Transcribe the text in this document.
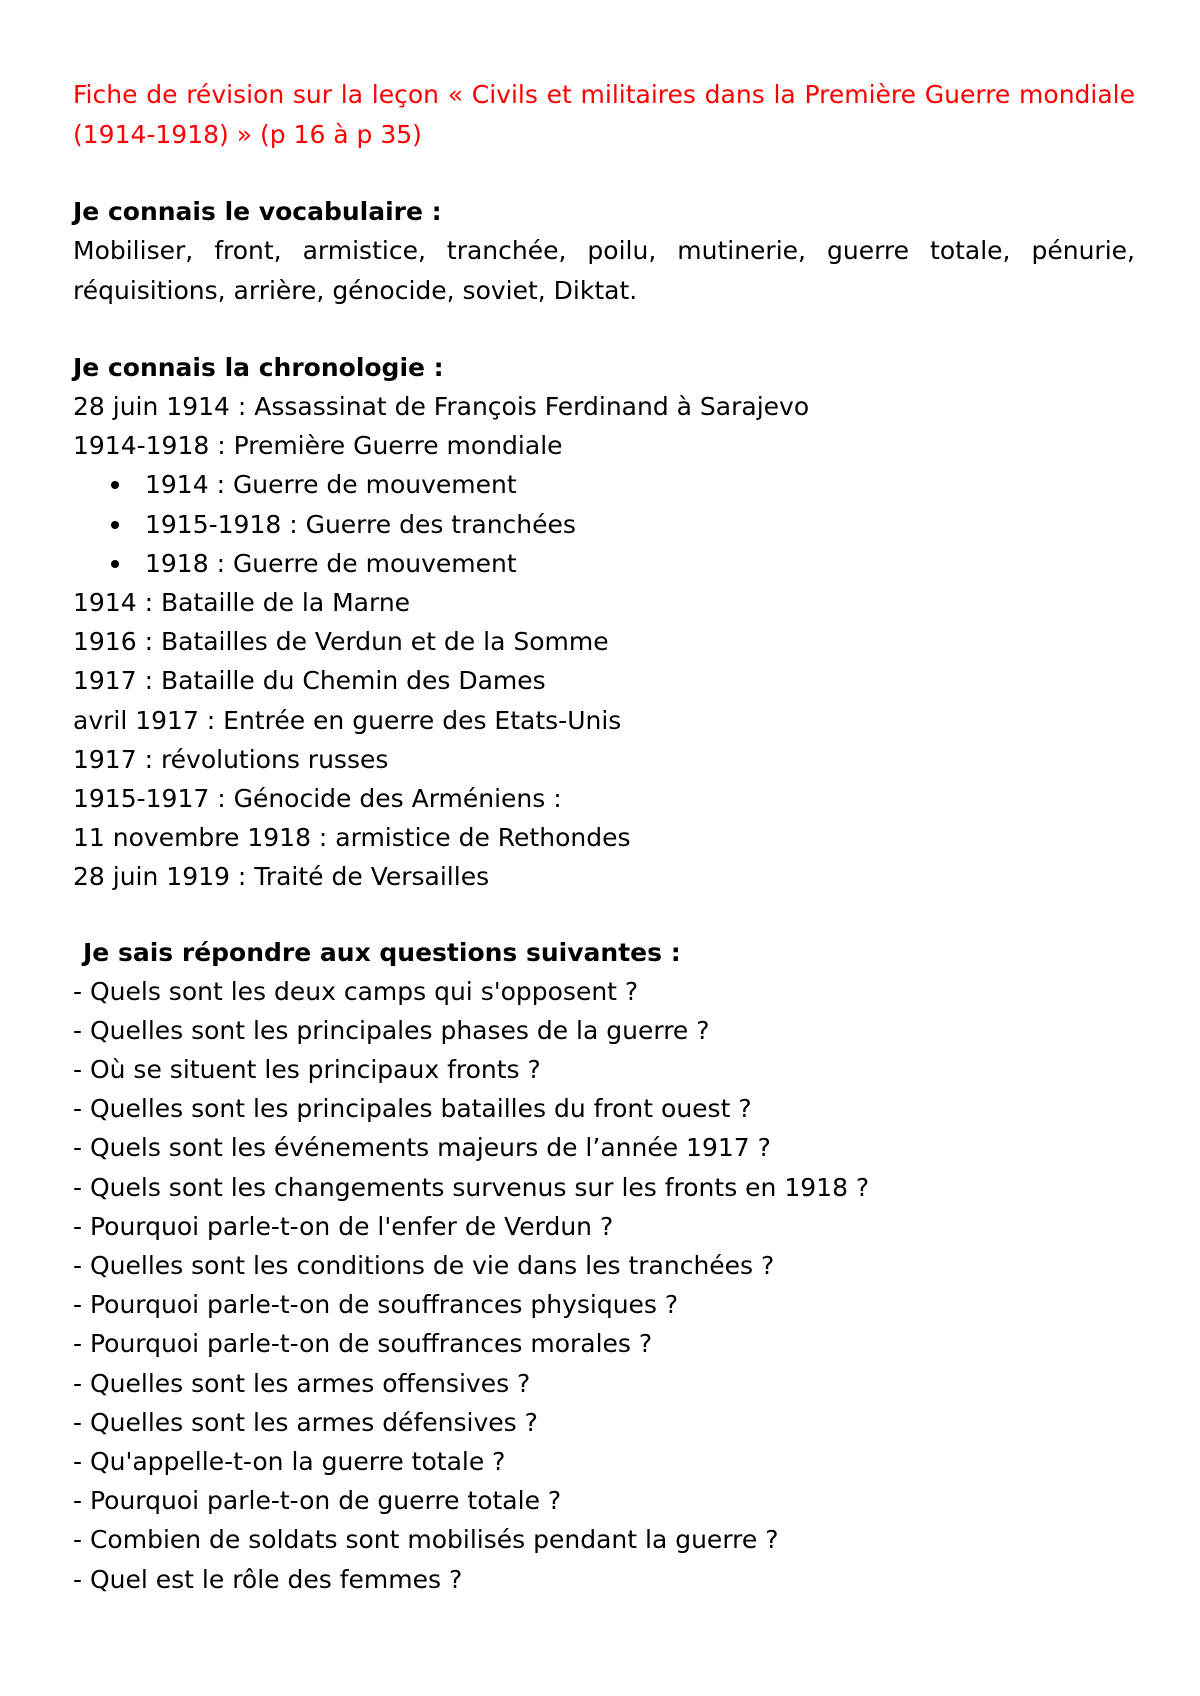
Fiche de révision sur la leçon « Civils et militaires dans la Première Guerre mondiale (1914-1918) » (p 16 à p 35)

Je connais le vocabulaire :

Mobiliser, front, armistice, tranchée, poilu, mutinerie, guerre totale, pénurie, réquisitions, arrière, génocide, soviet, Diktat.

Je connais la chronologie :

28 juin 1914 : Assassinat de François Ferdinand à Sarajevo

1914-1918 : Première Guerre mondiale

1914 : Guerre de mouvement
1915-1918 : Guerre des tranchées
1918 : Guerre de mouvement

1914 : Bataille de la Marne

1916 : Batailles de Verdun et de la Somme

1917 : Bataille du Chemin des Dames

avril 1917 : Entrée en guerre des Etats-Unis

1917 : révolutions russes

1915-1917 : Génocide des Arméniens :

11 novembre 1918 : armistice de Rethondes

28 juin 1919 : Traité de Versailles

Je sais répondre aux questions suivantes :

- Quels sont les deux camps qui s'opposent ?

- Quelles sont les principales phases de la guerre ?

- Où se situent les principaux fronts ?

- Quelles sont les principales batailles du front ouest ?

- Quels sont les événements majeurs de l’année 1917 ?

- Quels sont les changements survenus sur les fronts en 1918 ?

- Pourquoi parle-t-on de l'enfer de Verdun ?

- Quelles sont les conditions de vie dans les tranchées ?

- Pourquoi parle-t-on de souffrances physiques ?

- Pourquoi parle-t-on de souffrances morales ?

- Quelles sont les armes offensives ?

- Quelles sont les armes défensives ?

- Qu'appelle-t-on la guerre totale ?

- Pourquoi parle-t-on de guerre totale ?

- Combien de soldats sont mobilisés pendant la guerre ?

- Quel est le rôle des femmes ?
